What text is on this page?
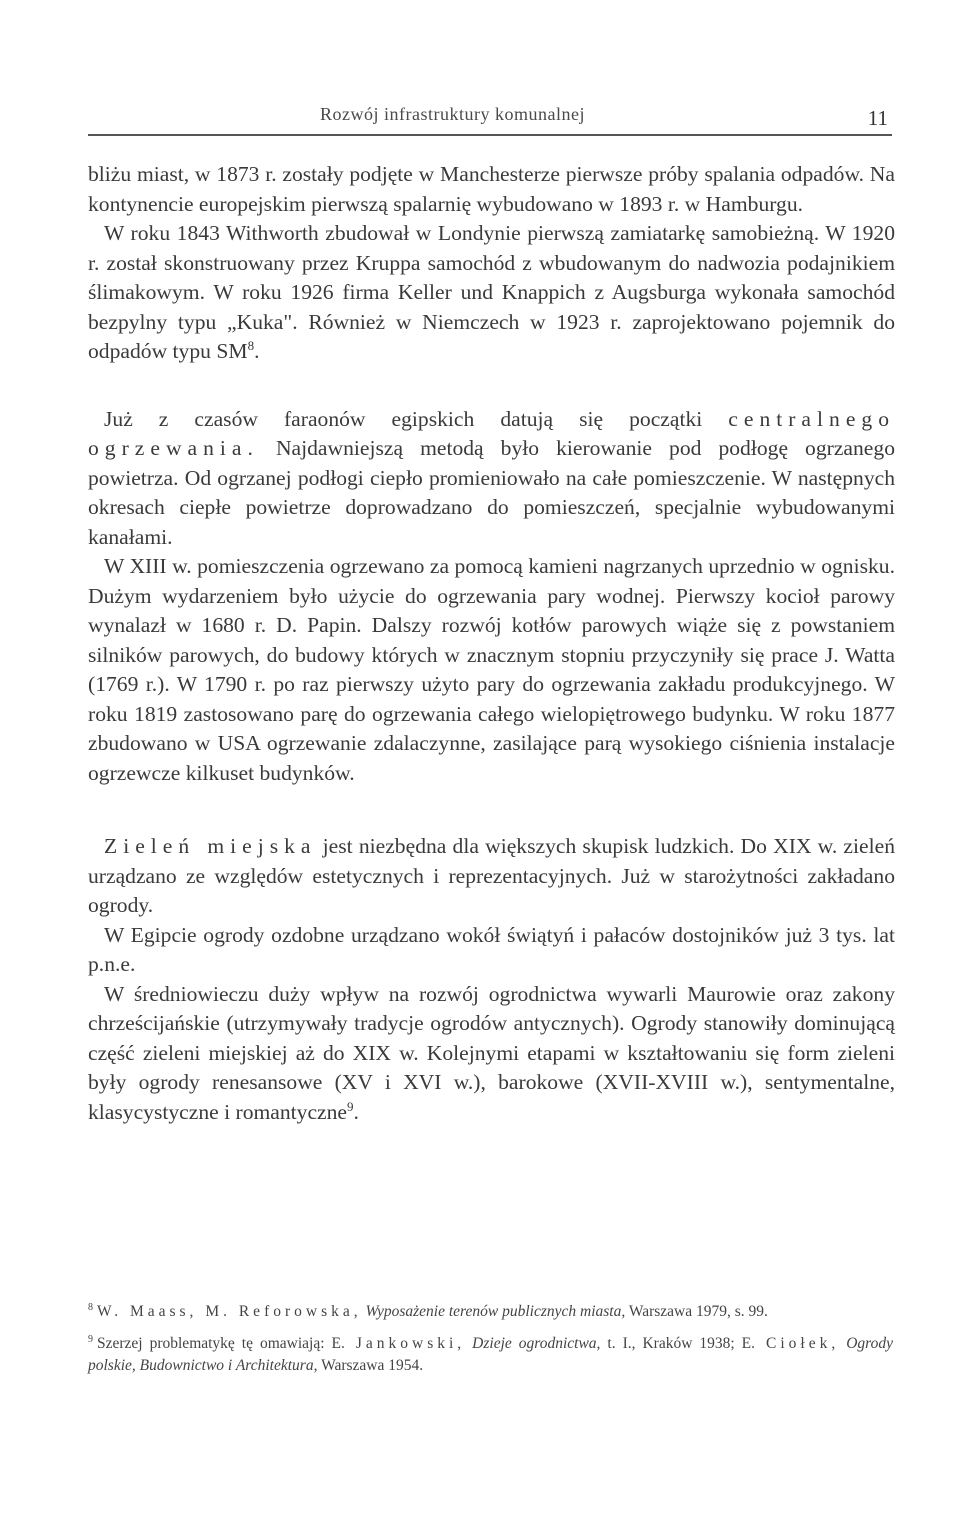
Rozwój infrastruktury komunalnej	11

bliżu miast, w 1873 r. zostały podjęte w Manchesterze pierwsze próby spalania odpadów. Na kontynencie europejskim pierwszą spalarnię wybudowano w 1893 r. w Hamburgu.

W roku 1843 Withworth zbudował w Londynie pierwszą zamiatarkę samobieżną. W 1920 r. został skonstruowany przez Kruppa samochód z wbudowanym do nadwozia podajnikiem ślimakowym. W roku 1926 firma Keller und Knappich z Augsburga wykonała samochód bezpylny typu „Kuka". Również w Niemczech w 1923 r. zaprojektowano pojemnik do odpadów typu $SM^8$.

Już z czasów faraonów egipskich datują się początki centralnego ogrzewania. Najdawniejszą metodą było kierowanie pod podłogę ogrzanego powietrza. Od ogrzanej podłogi ciepło promieniowało na całe pomieszczenie. W następnych okresach ciepłe powietrze doprowadzano do pomieszczeń, specjalnie wybudowanymi kanałami.

W XIII w. pomieszczenia ogrzewano za pomocą kamieni nagrzanych uprzednio w ognisku. Dużym wydarzeniem było użycie do ogrzewania pary wodnej. Pierwszy kocioł parowy wynalazł w 1680 r. D. Papin. Dalszy rozwój kotłów parowych wiąże się z powstaniem silników parowych, do budowy których w znacznym stopniu przyczyniły się prace J. Watta (1769 r.). W 1790 r. po raz pierwszy użyto pary do ogrzewania zakładu produkcyjnego. W roku 1819 zastosowano parę do ogrzewania całego wielopiętrowego budynku. W roku 1877 zbudowano w USA ogrzewanie zdalaczynne, zasilające parą wysokiego ciśnienia instalacje ogrzewcze kilkuset budynków.

Zieleń miejska jest niezbędna dla większych skupisk ludzkich. Do XIX w. zieleń urządzano ze względów estetycznych i reprezentacyjnych. Już w starożytności zakładano ogrody.

W Egipcie ogrody ozdobne urządzano wokół świątyń i pałaców dostojników już 3 tys. lat p.n.e.

W średniowieczu duży wpływ na rozwój ogrodnictwa wywarli Maurowie oraz zakony chrześcijańskie (utrzymywały tradycje ogrodów antycznych). Ogrody stanowiły dominującą część zieleni miejskiej aż do XIX w. Kolejnymi etapami w kształtowaniu się form zieleni były ogrody renesansowe (XV i XVI w.), barokowe (XVII-XVIII w.), sentymentalne, klasycystyczne i romantyczne$^9$.

$^8$ W. Maass, M. Reforowska, Wyposażenie terenów publicznych miasta, Warszawa 1979, s. 99.

$^9$ Szerzej problematykę tę omawiają: E. Jankowski, Dzieje ogrodnictwa, t. I., Kraków 1938; E. Ciołek, Ogrody polskie, Budownictwo i Architektura, Warszawa 1954.
